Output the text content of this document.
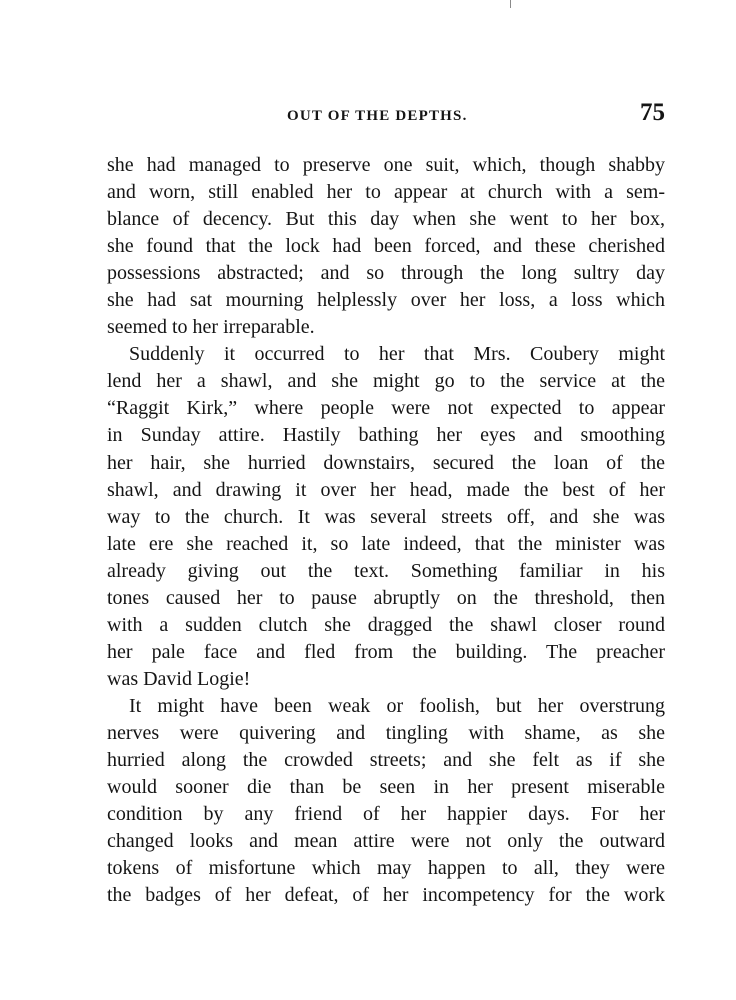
OUT OF THE DEPTHS.	75

she had managed to preserve one suit, which, though shabby
and worn, still enabled her to appear at church with a sem-
blance of decency. But this day when she went to her box,
she found that the lock had been forced, and these cherished
possessions abstracted; and so through the long sultry day
she had sat mourning helplessly over her loss, a loss which
seemed to her irreparable.

Suddenly it occurred to her that Mrs. Coubery might
lend her a shawl, and she might go to the service at the
“Raggit Kirk,” where people were not expected to appear
in Sunday attire. Hastily bathing her eyes and smoothing
her hair, she hurried downstairs, secured the loan of the
shawl, and drawing it over her head, made the best of her
way to the church. It was several streets off, and she was
late ere she reached it, so late indeed, that the minister was
already giving out the text. Something familiar in his
tones caused her to pause abruptly on the threshold, then
with a sudden clutch she dragged the shawl closer round
her pale face and fled from the building. The preacher
was David Logie!

It might have been weak or foolish, but her overstrung
nerves were quivering and tingling with shame, as she
hurried along the crowded streets; and she felt as if she
would sooner die than be seen in her present miserable
condition by any friend of her happier days. For her
changed looks and mean attire were not only the outward
tokens of misfortune which may happen to all, they were
the badges of her defeat, of her incompetency for the work
